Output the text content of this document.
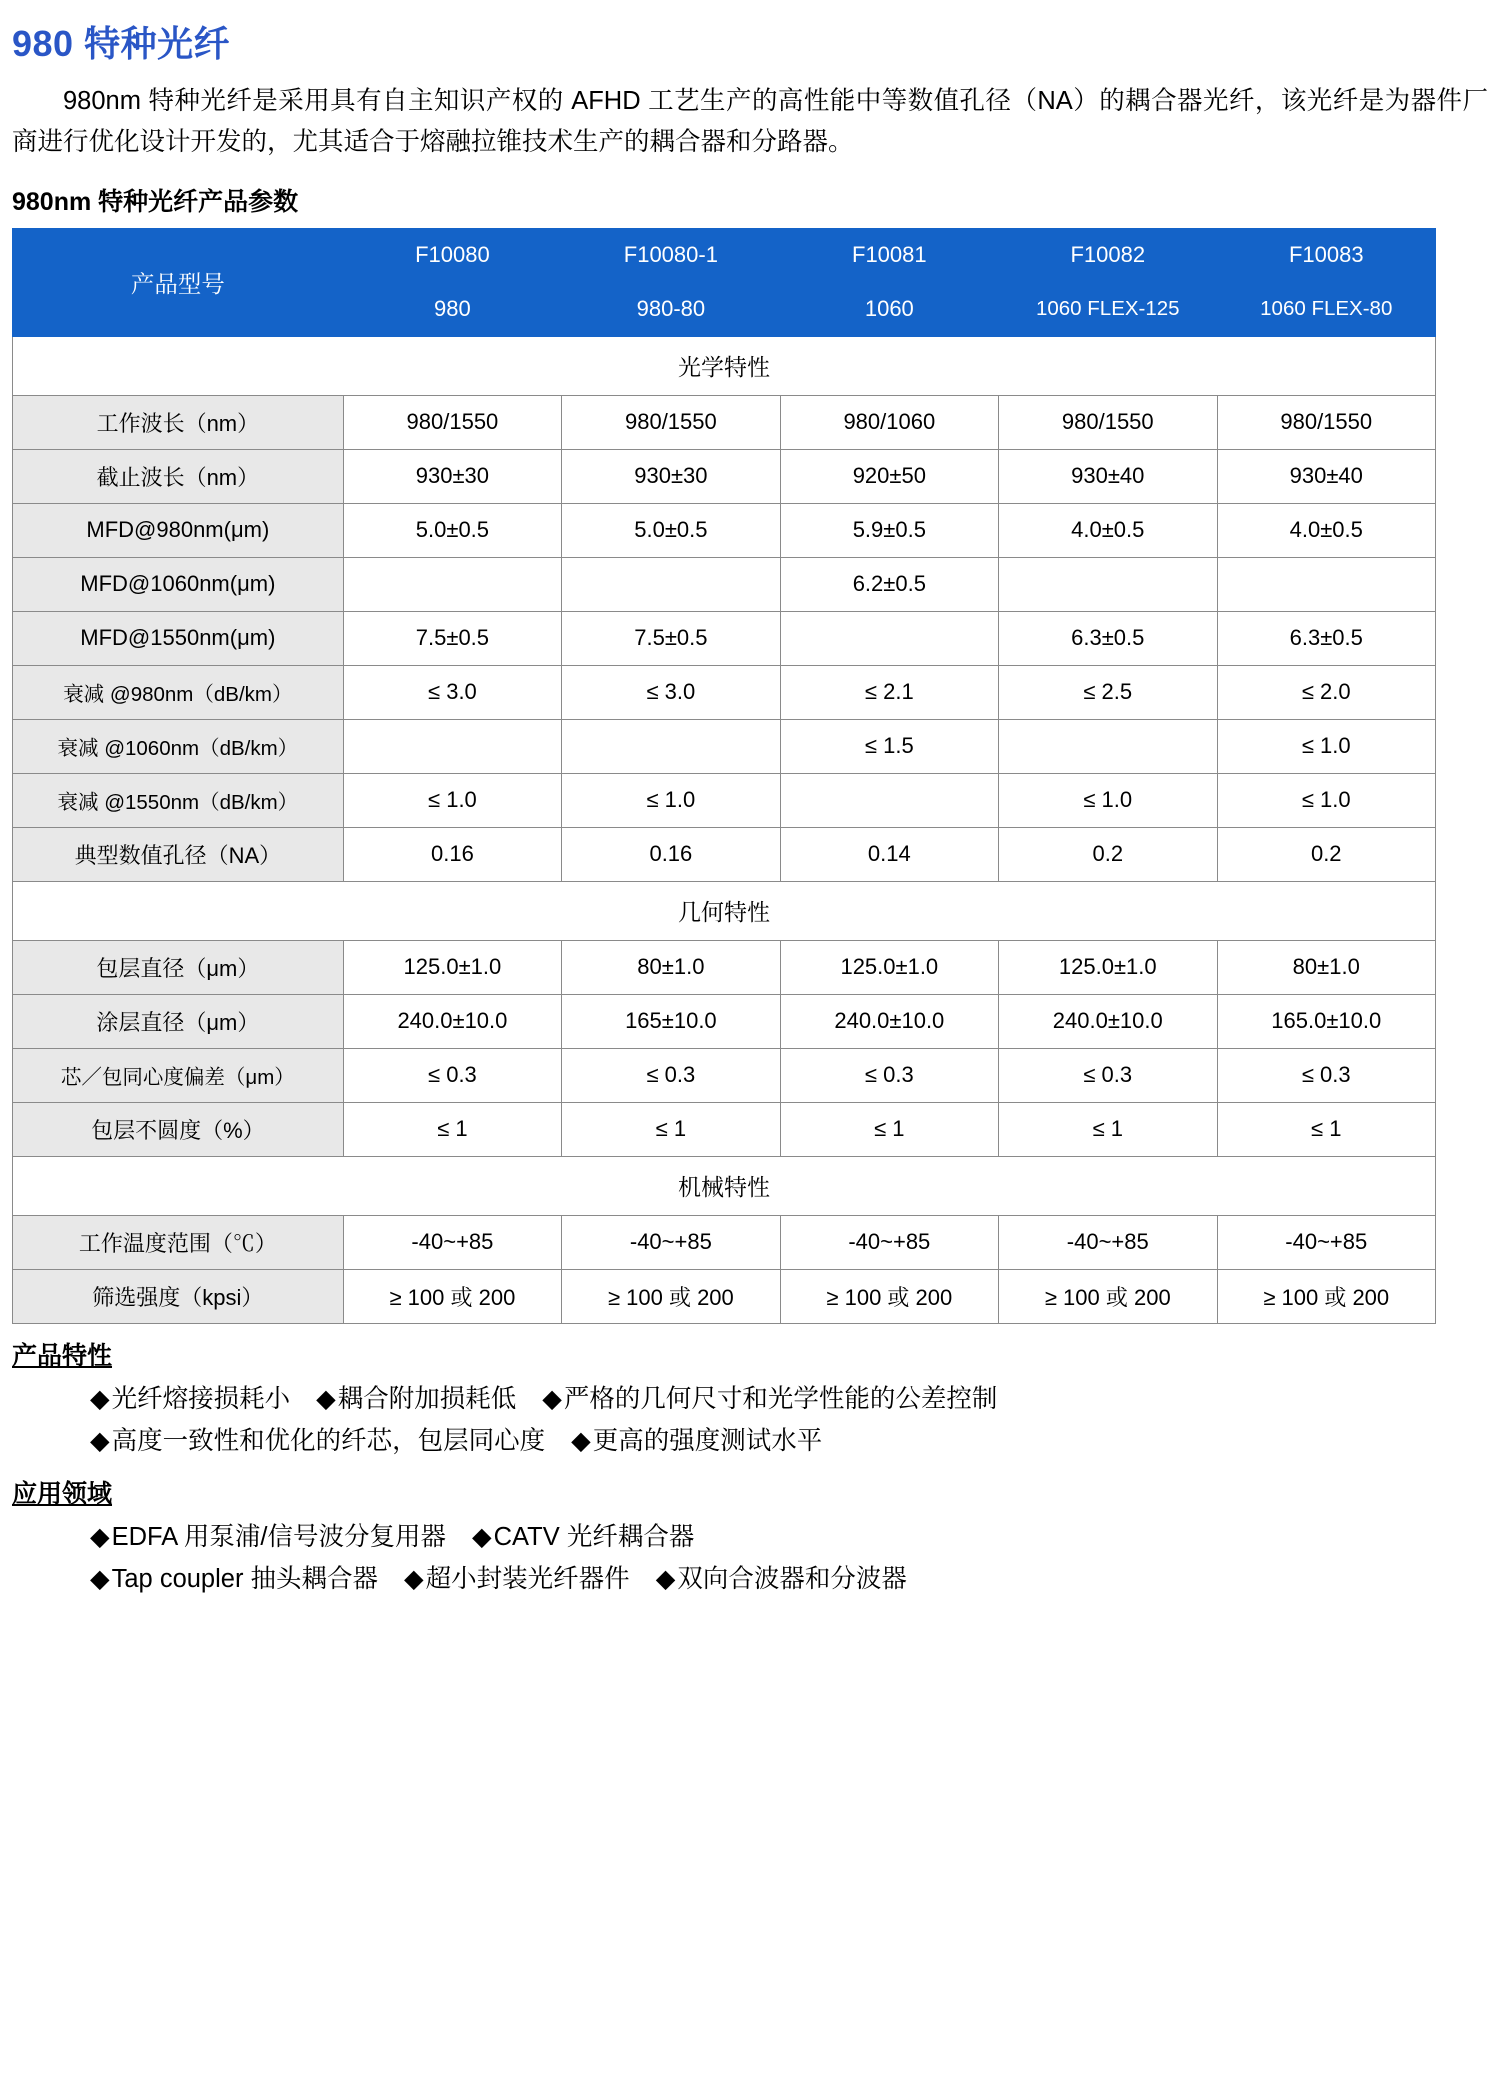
980 特种光纤

980nm 特种光纤是采用具有自主知识产权的 AFHD 工艺生产的高性能中等数值孔径（NA）的耦合器光纤，该光纤是为器件厂商进行优化设计开发的，尤其适合于熔融拉锥技术生产的耦合器和分路器。

980nm 特种光纤产品参数
产品型号	F10080	F10080-1	F10081	F10082	F10083
	980	980-80	1060	1060 FLEX-125	1060 FLEX-80
光学特性					
工作波长（nm）	980/1550	980/1550	980/1060	980/1550	980/1550
截止波长（nm）	930±30	930±30	920±50	930±40	930±40
MFD@980nm(μm)	5.0±0.5	5.0±0.5	5.9±0.5	4.0±0.5	4.0±0.5
MFD@1060nm(μm)			6.2±0.5		
MFD@1550nm(μm)	7.5±0.5	7.5±0.5		6.3±0.5	6.3±0.5
衰减 @980nm（dB/km）	≤ 3.0	≤ 3.0	≤ 2.1	≤ 2.5	≤ 2.0
衰减 @1060nm（dB/km）			≤ 1.5		≤ 1.0
衰减 @1550nm（dB/km）	≤ 1.0	≤ 1.0		≤ 1.0	≤ 1.0
典型数值孔径（NA）	0.16	0.16	0.14	0.2	0.2
几何特性					
包层直径（μm）	125.0±1.0	80±1.0	125.0±1.0	125.0±1.0	80±1.0
涂层直径（μm）	240.0±10.0	165±10.0	240.0±10.0	240.0±10.0	165.0±10.0
芯／包同心度偏差（μm）	≤ 0.3	≤ 0.3	≤ 0.3	≤ 0.3	≤ 0.3
包层不圆度（%）	≤ 1	≤ 1	≤ 1	≤ 1	≤ 1
机械特性					
工作温度范围（℃）	-40~+85	-40~+85	-40~+85	-40~+85	-40~+85
筛选强度（kpsi）	≥ 100 或 200	≥ 100 或 200	≥ 100 或 200	≥ 100 或 200	≥ 100 或 200
产品特性
◆光纤熔接损耗小 ◆耦合附加损耗低 ◆严格的几何尺寸和光学性能的公差控制
◆高度一致性和优化的纤芯，包层同心度 ◆更高的强度测试水平
应用领域
◆EDFA 用泵浦/信号波分复用器 ◆CATV 光纤耦合器
◆Tap coupler 抽头耦合器 ◆超小封装光纤器件 ◆双向合波器和分波器
